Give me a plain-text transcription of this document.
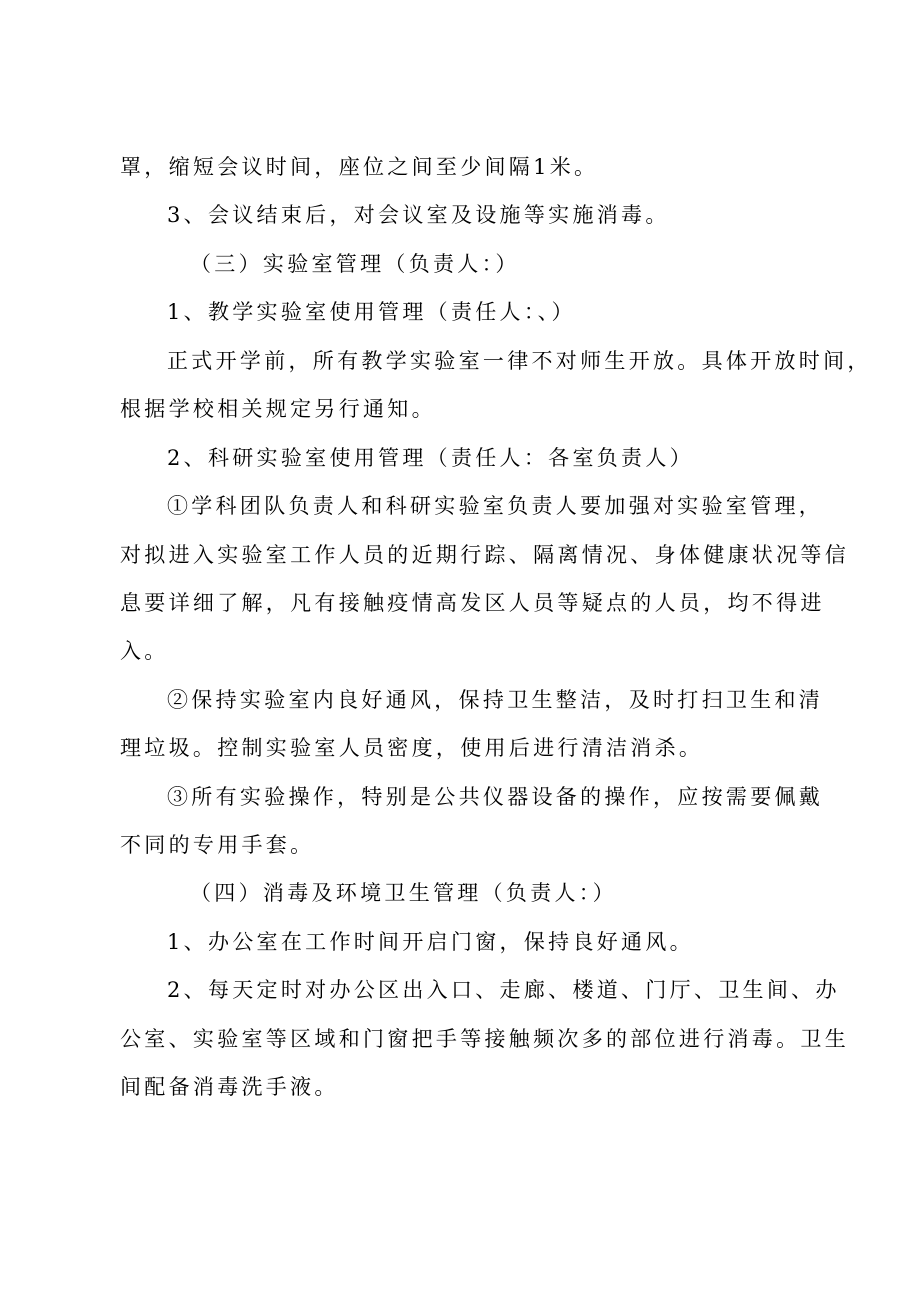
罩，缩短会议时间，座位之间至少间隔1米。
3、会议结束后，对会议室及设施等实施消毒。
（三）实验室管理（负责人：）
1、教学实验室使用管理（责任人：、）
正式开学前，所有教学实验室一律不对师生开放。具体开放时间，
根据学校相关规定另行通知。
2、科研实验室使用管理（责任人：各室负责人）
①学科团队负责人和科研实验室负责人要加强对实验室管理，
对拟进入实验室工作人员的近期行踪、隔离情况、身体健康状况等信
息要详细了解，凡有接触疫情高发区人员等疑点的人员，均不得进
入。
②保持实验室内良好通风，保持卫生整洁，及时打扫卫生和清
理垃圾。控制实验室人员密度，使用后进行清洁消杀。
③所有实验操作，特别是公共仪器设备的操作，应按需要佩戴
不同的专用手套。
（四）消毒及环境卫生管理（负责人：）
1、办公室在工作时间开启门窗，保持良好通风。
2、每天定时对办公区出入口、走廊、楼道、门厅、卫生间、办
公室、实验室等区域和门窗把手等接触频次多的部位进行消毒。卫生
间配备消毒洗手液。
